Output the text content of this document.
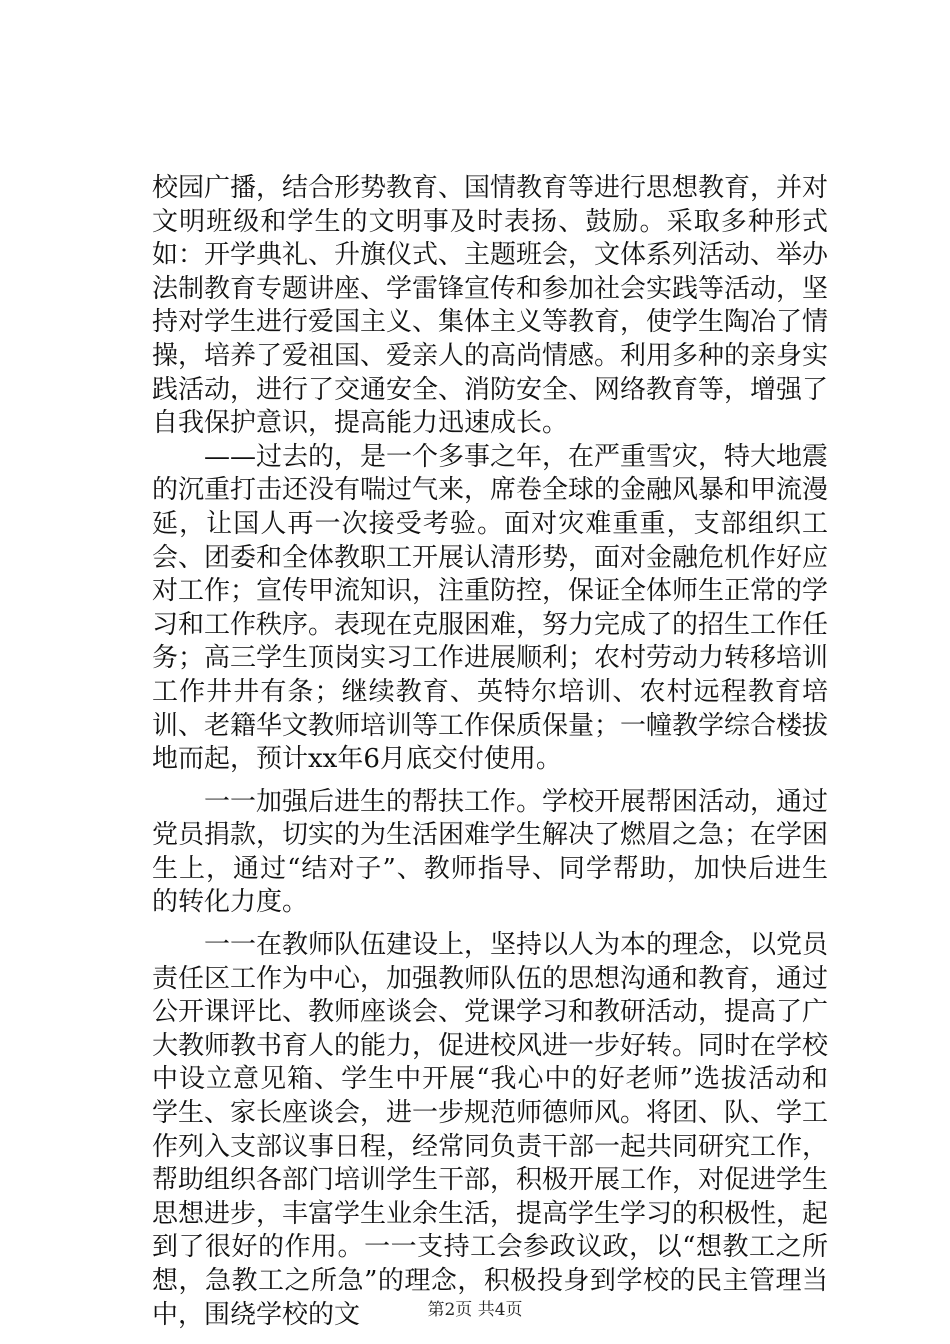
校园广播，结合形势教育、国情教育等进行思想教育，并对文明班级和学生的文明事及时表扬、鼓励。采取多种形式如：开学典礼、升旗仪式、主题班会，文体系列活动、举办法制教育专题讲座、学雷锋宣传和参加社会实践等活动，坚持对学生进行爱国主义、集体主义等教育，使学生陶冶了情操，培养了爱祖国、爱亲人的高尚情感。利用多种的亲身实践活动，进行了交通安全、消防安全、网络教育等，增强了自我保护意识，提高能力迅速成长。

——过去的，是一个多事之年，在严重雪灾，特大地震的沉重打击还没有喘过气来，席卷全球的金融风暴和甲流漫延，让国人再一次接受考验。面对灾难重重，支部组织工会、团委和全体教职工开展认清形势，面对金融危机作好应对工作；宣传甲流知识，注重防控，保证全体师生正常的学习和工作秩序。表现在克服困难，努力完成了的招生工作任务；高三学生顶岗实习工作进展顺利；农村劳动力转移培训工作井井有条；继续教育、英特尔培训、农村远程教育培训、老籍华文教师培训等工作保质保量；一幢教学综合楼拔地而起，预计xx年6月底交付使用。

一一加强后进生的帮扶工作。学校开展帮困活动，通过党员捐款，切实的为生活困难学生解决了燃眉之急；在学困生上，通过“结对子”、教师指导、同学帮助，加快后进生的转化力度。

一一在教师队伍建设上，坚持以人为本的理念，以党员责任区工作为中心，加强教师队伍的思想沟通和教育，通过公开课评比、教师座谈会、党课学习和教研活动，提高了广大教师教书育人的能力，促进校风进一步好转。同时在学校中设立意见箱、学生中开展“我心中的好老师”选拔活动和学生、家长座谈会，进一步规范师德师风。将团、队、学工作列入支部议事日程，经常同负责干部一起共同研究工作，帮助组织各部门培训学生干部，积极开展工作，对促进学生思想进步，丰富学生业余生活，提高学生学习的积极性，起到了很好的作用。一一支持工会参政议政，以“想教工之所想，急教工之所急”的理念，积极投身到学校的民主管理当中，围绕学校的文	第2页 共4页
